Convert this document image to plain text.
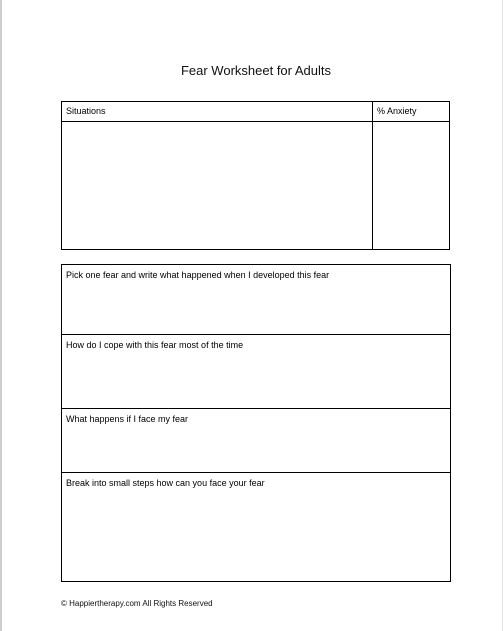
Fear Worksheet for Adults
Situations	% Anxiety
Pick one fear and write what happened when I developed this fear
How do I cope with this fear most of the time
What happens if I face my fear
Break into small steps how can you face your fear
© Happiertherapy.com All Rights Reserved
